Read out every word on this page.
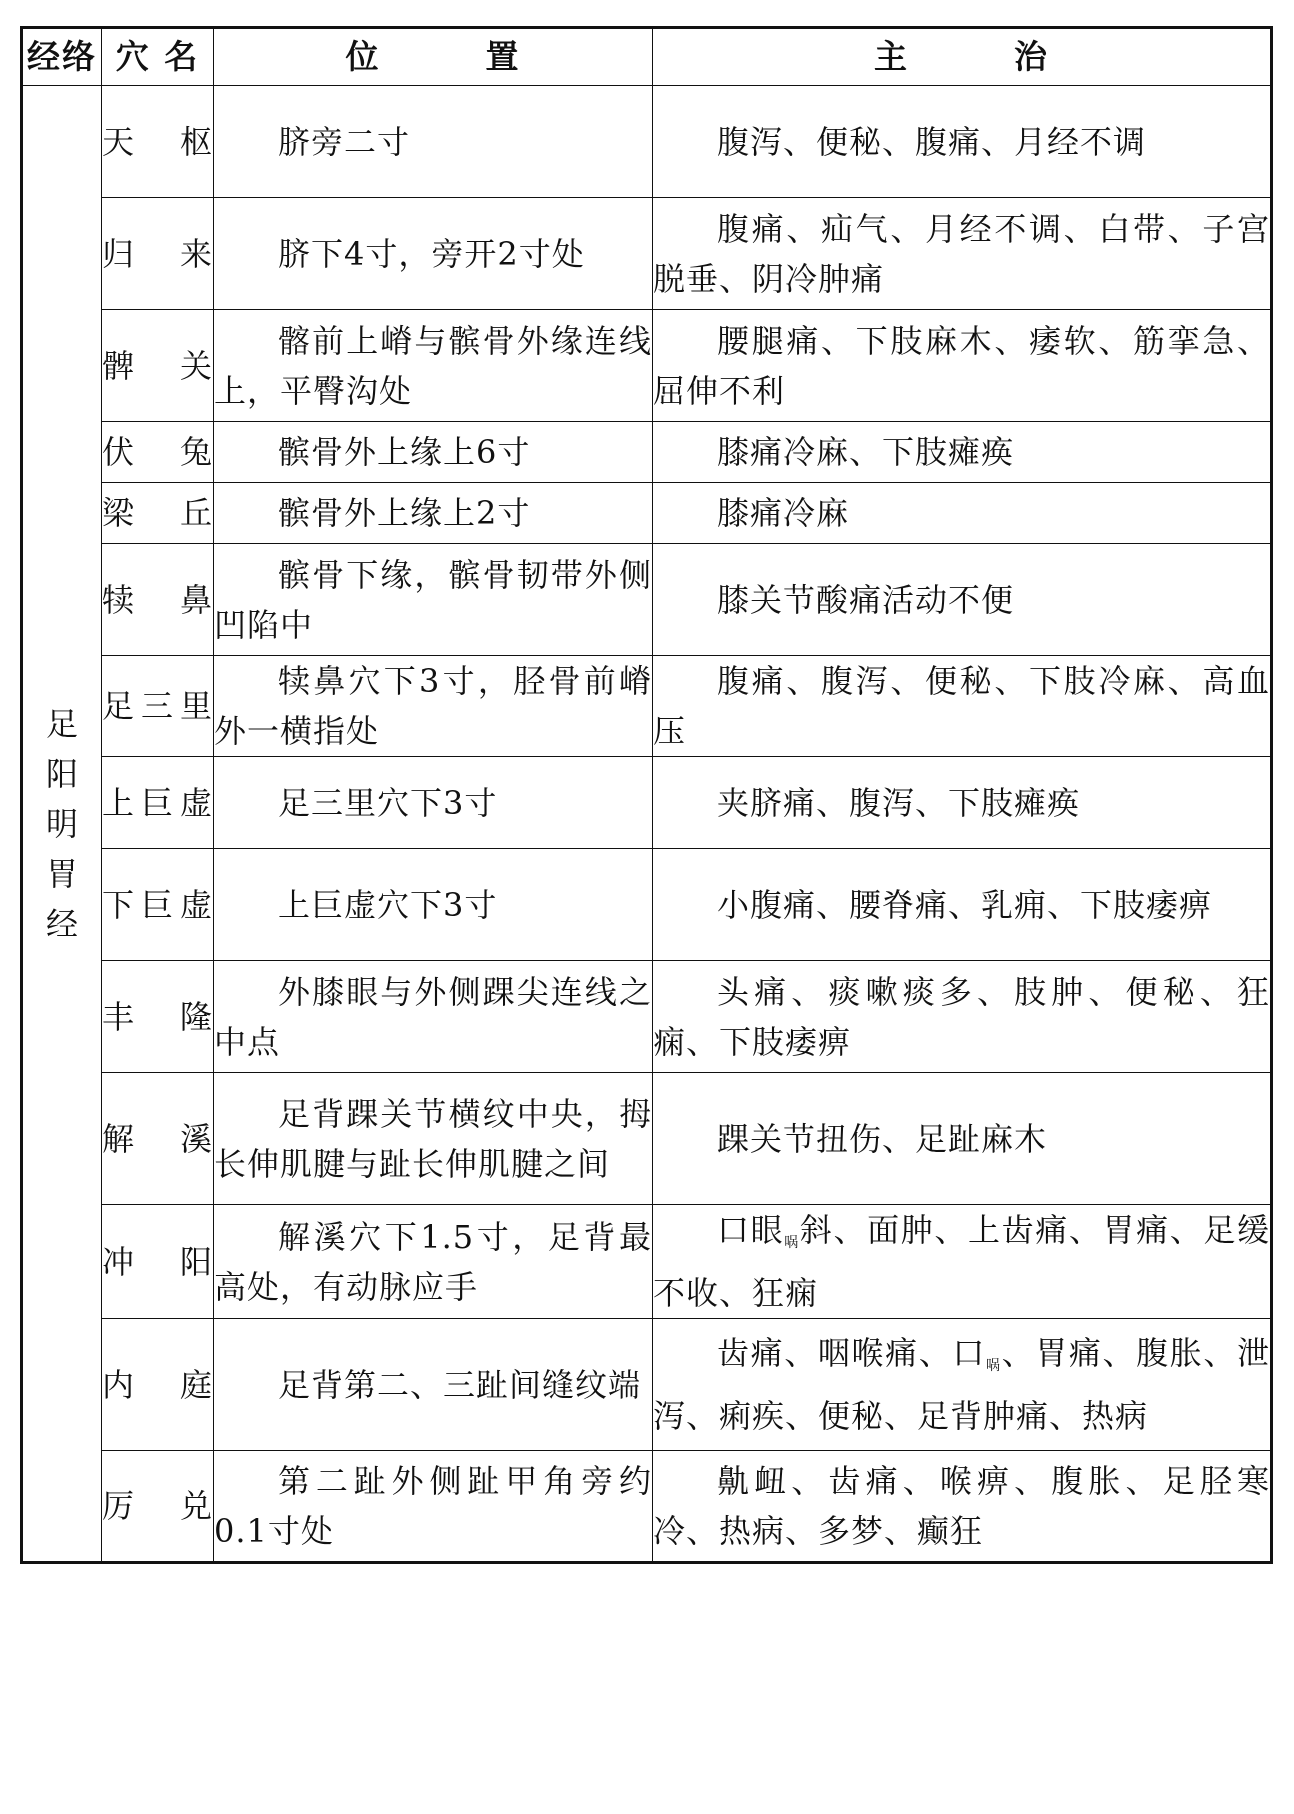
经络	穴 名	位　　　置	主　　　治

足
阳
明
胃
经	天　枢	脐旁二寸	腹泻、便秘、腹痛、月经不调
	归　来	脐下4寸，旁开2寸处	腹痛、疝气、月经不调、白带、子宫脱垂、阴冷肿痛
	髀　关	髂前上嵴与髌骨外缘连线上，平臀沟处	腰腿痛、下肢麻木、痿软、筋挛急、屈伸不利
	伏　兔	髌骨外上缘上6寸	膝痛冷麻、下肢瘫痪
	梁　丘	髌骨外上缘上2寸	膝痛冷麻
	犊　鼻	髌骨下缘，髌骨韧带外侧凹陷中	膝关节酸痛活动不便
	足三里	犊鼻穴下3寸，胫骨前嵴外一横指处	腹痛、腹泻、便秘、下肢冷麻、高血压
	上巨虚	足三里穴下3寸	夹脐痛、腹泻、下肢瘫痪
	下巨虚	上巨虚穴下3寸	小腹痛、腰脊痛、乳痈、下肢痿痹
	丰　隆	外膝眼与外侧踝尖连线之中点	头痛、痰嗽痰多、肢肿、便秘、狂痫、下肢痿痹
	解　溪	足背踝关节横纹中央，拇长伸肌腱与趾长伸肌腱之间	踝关节扭伤、足趾麻木
	冲　阳	解溪穴下1.5寸，足背最高处，有动脉应手	口眼㖞斜、面肿、上齿痛、胃痛、足缓不收、狂痫
	内　庭	足背第二、三趾间缝纹端	齿痛、咽喉痛、口㖞、胃痛、腹胀、泄泻、痢疾、便秘、足背肿痛、热病
	厉　兑	第二趾外侧趾甲角旁约0.1寸处	鼽衄、齿痛、喉痹、腹胀、足胫寒冷、热病、多梦、癫狂
